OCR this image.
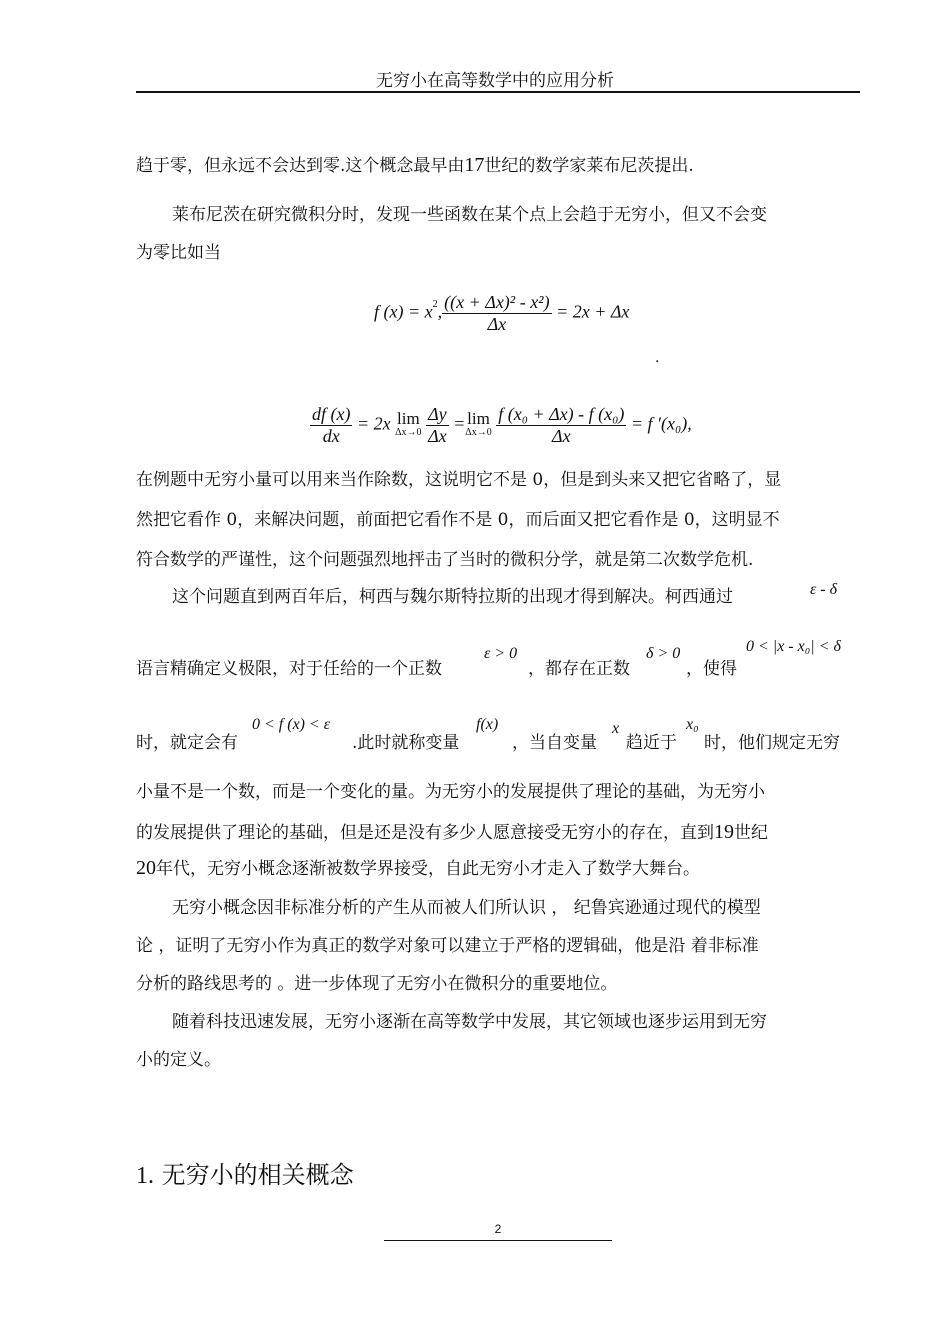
无穷小在高等数学中的应用分析
趋于零，但永远不会达到零.这个概念最早由17世纪的数学家莱布尼茨提出.
莱布尼茨在研究微积分时，发现一些函数在某个点上会趋于无穷小，但又不会变
为零比如当
f $(x) = x^2$, $\frac{\text{((x + Δx)² - x²)}}{\Delta x} = 2x + \Delta x$
.
$\frac{df (x)}{dx} = 2x$ lim
Δx→0
$\frac{\Delta y}{\Delta x} = \lim$
Δx→0
$\frac{\text{f (x₀ + Δx) - f (x₀)}}{\Delta x} = f$ ′(x₀),
在例题中无穷小量可以用来当作除数，这说明它不是 0，但是到头来又把它省略了，显
然把它看作 0，来解决问题，前面把它看作不是 0，而后面又把它看作是 0，这明显不
符合数学的严谨性，这个问题强烈地抨击了当时的微积分学，就是第二次数学危机.
这个问题直到两百年后，柯西与魏尔斯特拉斯的出现才得到解决。柯西通过	ε - δ
语言精确定义极限，对于任给的一个正数
ε > 0
，都存在正数
δ > 0
，使得
0 < |x - x₀| < δ
时，就定会有
0 < f (x) < ε
.此时就称变量
f(x)
，当自变量
x
趋近于
x₀
时，他们规定无穷
小量不是一个数，而是一个变化的量。为无穷小的发展提供了理论的基础，为无穷小
的发展提供了理论的基础，但是还是没有多少人愿意接受无穷小的存在，直到19世纪
20年代，无穷小概念逐渐被数学界接受，自此无穷小才走入了数学大舞台。
无穷小概念因非标准分析的产生从而被人们所认识 ， 纪鲁宾逊通过现代的模型
论 ，证明了无穷小作为真正的数学对象可以建立于严格的逻辑础，他是沿 着非标准
分析的路线思考的 。进一步体现了无穷小在微积分的重要地位。
随着科技迅速发展，无穷小逐渐在高等数学中发展，其它领域也逐步运用到无穷
小的定义。
1. 无穷小的相关概念
2
